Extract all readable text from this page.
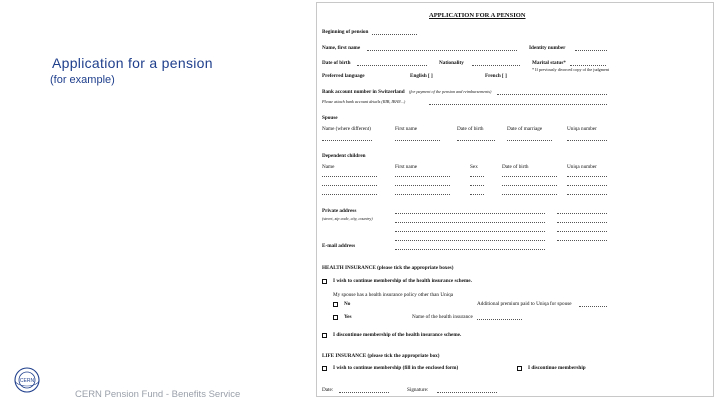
Application for a pension
(for example)
CERN
CERN Pension Fund - Benefits Service
APPLICATION FOR A PENSION
Beginning of pension
Name, first name	Identity number
Date of birth	Nationality	Marital status*
* If previously divorced copy of the judgment
Preferred language	English [ ]	French [ ]
Bank account number in Switzerland (for payment of the pension and reimbursements)
Please attach bank account details (RIB, IBAN...)
Spouse
Name (where different)	First name	Date of birth	Date of marriage	Uniqa number
Dependent children
Name	First name	Sex	Date of birth	Uniqa number
Private address
(street, zip code, city, country)
E-mail address
HEALTH INSURANCE (please tick the appropriate boxes)
I wish to continue membership of the health insurance scheme.
My spouse has a health insurance policy other than Uniqa
No	Additional premium paid to Uniqa for spouse
Yes	Name of the health insurance
I discontinue membership of the health insurance scheme.
LIFE INSURANCE (please tick the appropriate box)
I wish to continue membership (fill in the enclosed form)	I discontinue membership
Date:	Signature:
